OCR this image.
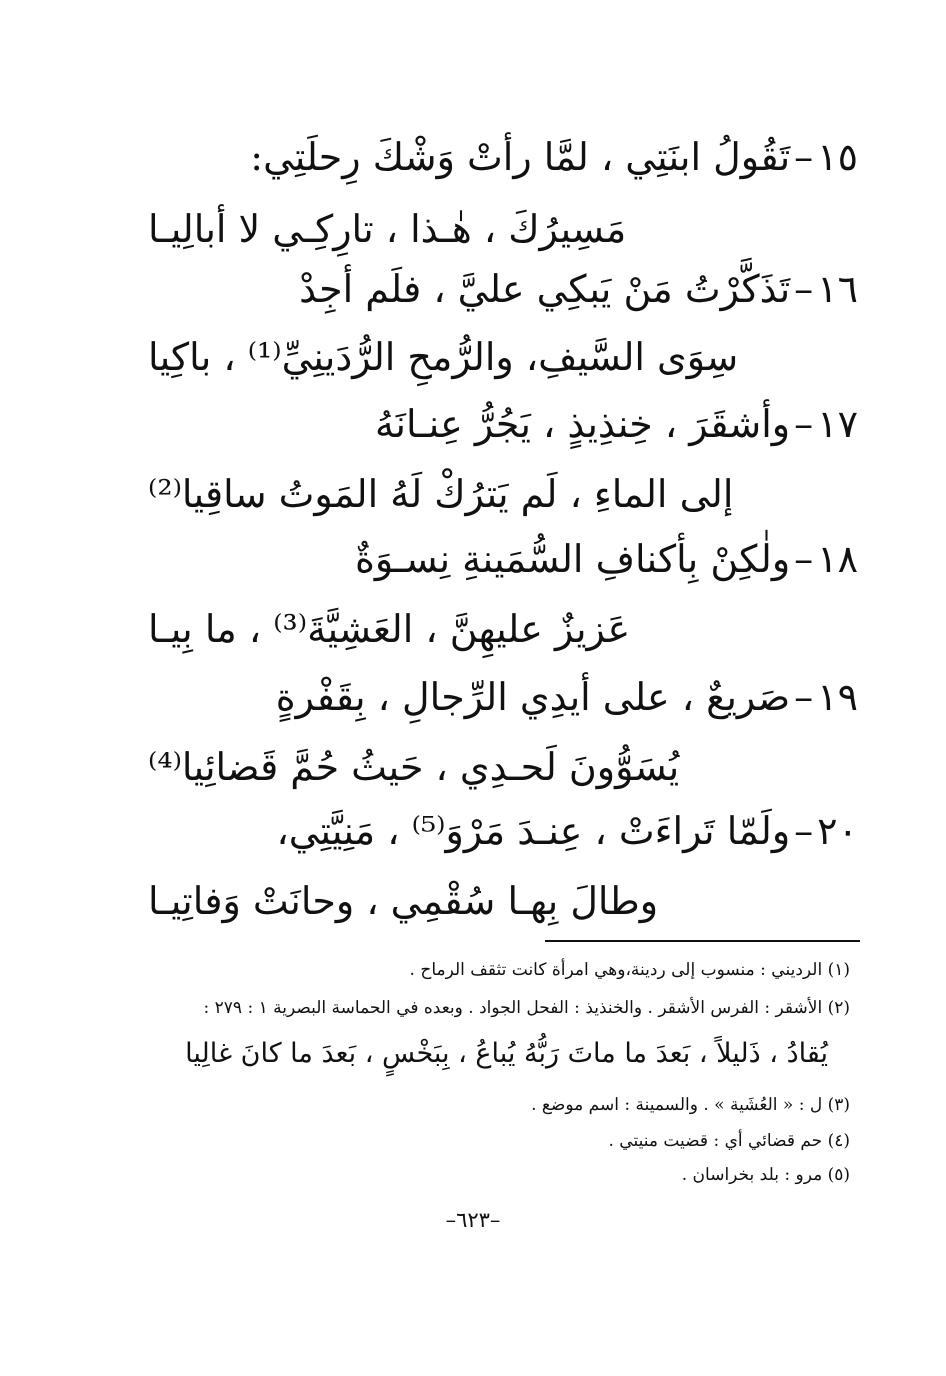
١٥–تَقُولُ ابنَتِي ، لمَّا رأتْ وَشْكَ رِحلَتِي:
مَسِيرُكَ ، هٰـذا ، تارِكِـي لا أبالِيـا
١٦–تَذَكَّرْتُ مَنْ يَبكِي عليَّ ، فلَم أجِدْ
سِوَى السَّيفِ، والرُّمحِ الرُّدَينِيِّ⁽¹⁾ ، باكِيا
١٧–وأشقَرَ ، خِنذِيذٍ ، يَجُرُّ عِنـانَهُ
إلى الماءِ ، لَم يَترُكْ لَهُ المَوتُ ساقِيا⁽²⁾
١٨–ولٰكِنْ بِأكنافِ السُّمَينةِ نِسـوَةٌ
عَزيزٌ عليهِنَّ ، العَشِيَّةَ⁽³⁾ ، ما بِيـا
١٩–صَريعٌ ، على أيدِي الرِّجالِ ، بِقَفْرةٍ
يُسَوُّونَ لَحـدِي ، حَيثُ حُمَّ قَضائِيا⁽⁴⁾
٢٠–ولَمّا تَراءَتْ ، عِنـدَ مَرْوَ⁽⁵⁾ ، مَنِيَّتِي،
وطالَ بِهـا سُقْمِي ، وحانَتْ وَفاتِيـا
(١) الرديني : منسوب إلى ردينة،وهي امرأة كانت تثقف الرماح .
(٢) الأشقر : الفرس الأشقر . والخنذيذ : الفحل الجواد . وبعده في الحماسة البصرية ١ : ٢٧٩ :
يُقادُ ، ذَليلاً ، بَعدَ ما ماتَ رَبُّهُ يُباعُ ، بِبَخْسٍ ، بَعدَ ما كانَ غالِيا
(٣) ل : « العُشَية » . والسمينة : اسم موضع .
(٤) حم قضائي أي : قضيت منيتي .
(٥) مرو : بلد بخراسان .
–٦٢٣–
